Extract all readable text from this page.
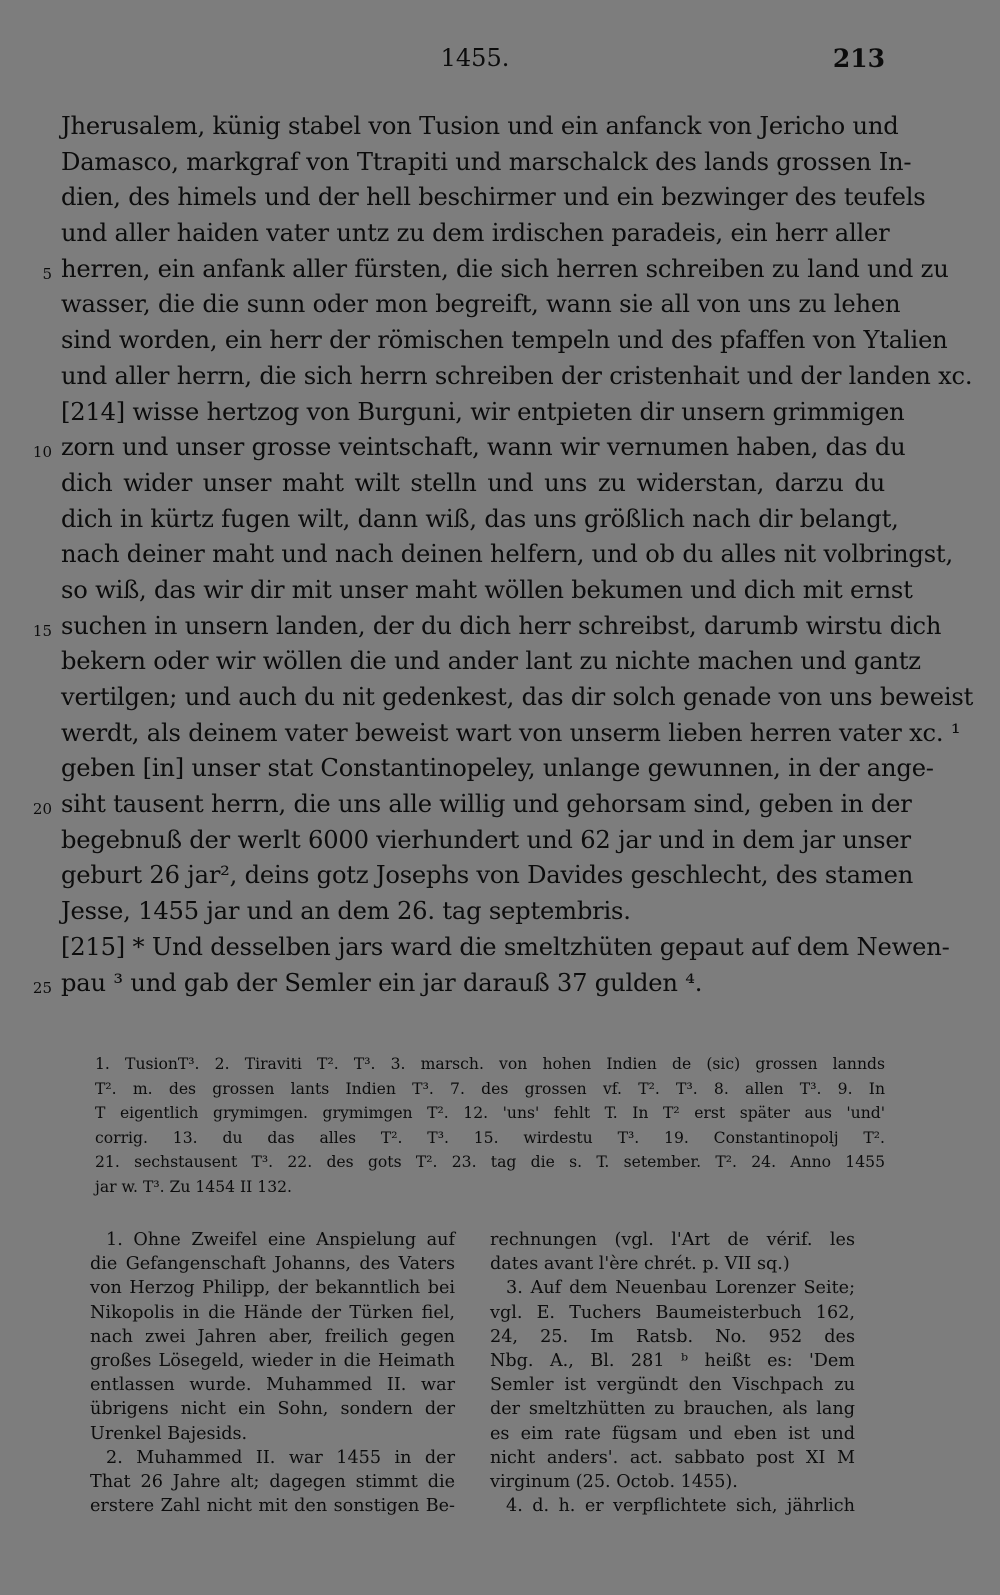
1455.	213
Jherusalem, künig stabel von Tusion und ein anfanck von Jericho und
Damasco, markgraf von Ttrapiti und marschalck des lands grossen In-
dien, des himels und der hell beschirmer und ein bezwinger des teufels
und aller haiden vater untz zu dem irdischen paradeis, ein herr aller
5 herren, ein anfank aller fürsten, die sich herren schreiben zu land und zu
wasser, die die sunn oder mon begreift, wann sie all von uns zu lehen
sind worden, ein herr der römischen tempeln und des pfaffen von Ytalien
und aller herrn, die sich herrn schreiben der cristenhait und der landen xc.
[214] wisse hertzog von Burguni, wir entpieten dir unsern grimmigen
10 zorn und unser grosse veintschaft, wann wir vernumen haben, das du
dich wider unser maht wilt stelln und uns zu widerstan, darzu du
dich in kürtz fugen wilt, dann wiß, das uns größlich nach dir belangt,
nach deiner maht und nach deinen helfern, und ob du alles nit volbringst,
so wiß, das wir dir mit unser maht wöllen bekumen und dich mit ernst
15 suchen in unsern landen, der du dich herr schreibst, darumb wirstu dich
bekern oder wir wöllen die und ander lant zu nichte machen und gantz
vertilgen; und auch du nit gedenkest, das dir solch genade von uns beweist
werdt, als deinem vater beweist wart von unserm lieben herren vater xc. ¹
geben [in] unser stat Constantinopeley, unlange gewunnen, in der ange-
20 siht tausent herrn, die uns alle willig und gehorsam sind, geben in der
begebnuß der werlt 6000 vierhundert und 62 jar und in dem jar unser
geburt 26 jar², deins gotz Josephs von Davides geschlecht, des stamen
Jesse, 1455 jar und an dem 26. tag septembris.
[215] * Und desselben jars ward die smeltzhüten gepaut auf dem Newen-
25 pau ³ und gab der Semler ein jar darauß 37 gulden ⁴.
1. TusionT³. 2. Tiraviti T². T³. 3. marsch. von hohen Indien de (sic) grossen lannds
T². m. des grossen lants Indien T³. 7. des grossen vf. T². T³. 8. allen T³. 9. In
T eigentlich grymimgen. grymimgen T². 12. 'uns' fehlt T. In T² erst später aus 'und'
corrig. 13. du das alles T². T³. 15. wirdestu T³. 19. Constantinopolj T².
21. sechstausent T³. 22. des gots T². 23. tag die s. T. setember. T². 24. Anno 1455
jar w. T³. Zu 1454 II 132.
1. Ohne Zweifel eine Anspielung auf
die Gefangenschaft Johanns, des Vaters
von Herzog Philipp, der bekanntlich bei
Nikopolis in die Hände der Türken fiel,
nach zwei Jahren aber, freilich gegen
großes Lösegeld, wieder in die Heimath
entlassen wurde. Muhammed II. war
übrigens nicht ein Sohn, sondern der
Urenkel Bajesids.
2. Muhammed II. war 1455 in der
That 26 Jahre alt; dagegen stimmt die
erstere Zahl nicht mit den sonstigen Be-
rechnungen (vgl. l'Art de vérif. les
dates avant l'ère chrét. p. VII sq.)
3. Auf dem Neuenbau Lorenzer Seite;
vgl. E. Tuchers Baumeisterbuch 162,
24, 25. Im Ratsb. No. 952 des
Nbg. A., Bl. 281 ᵇ heißt es: 'Dem
Semler ist vergündt den Vischpach zu
der smeltzhütten zu brauchen, als lang
es eim rate fügsam und eben ist und
nicht anders'. act. sabbato post XI M
virginum (25. Octob. 1455).
4. d. h. er verpflichtete sich, jährlich
